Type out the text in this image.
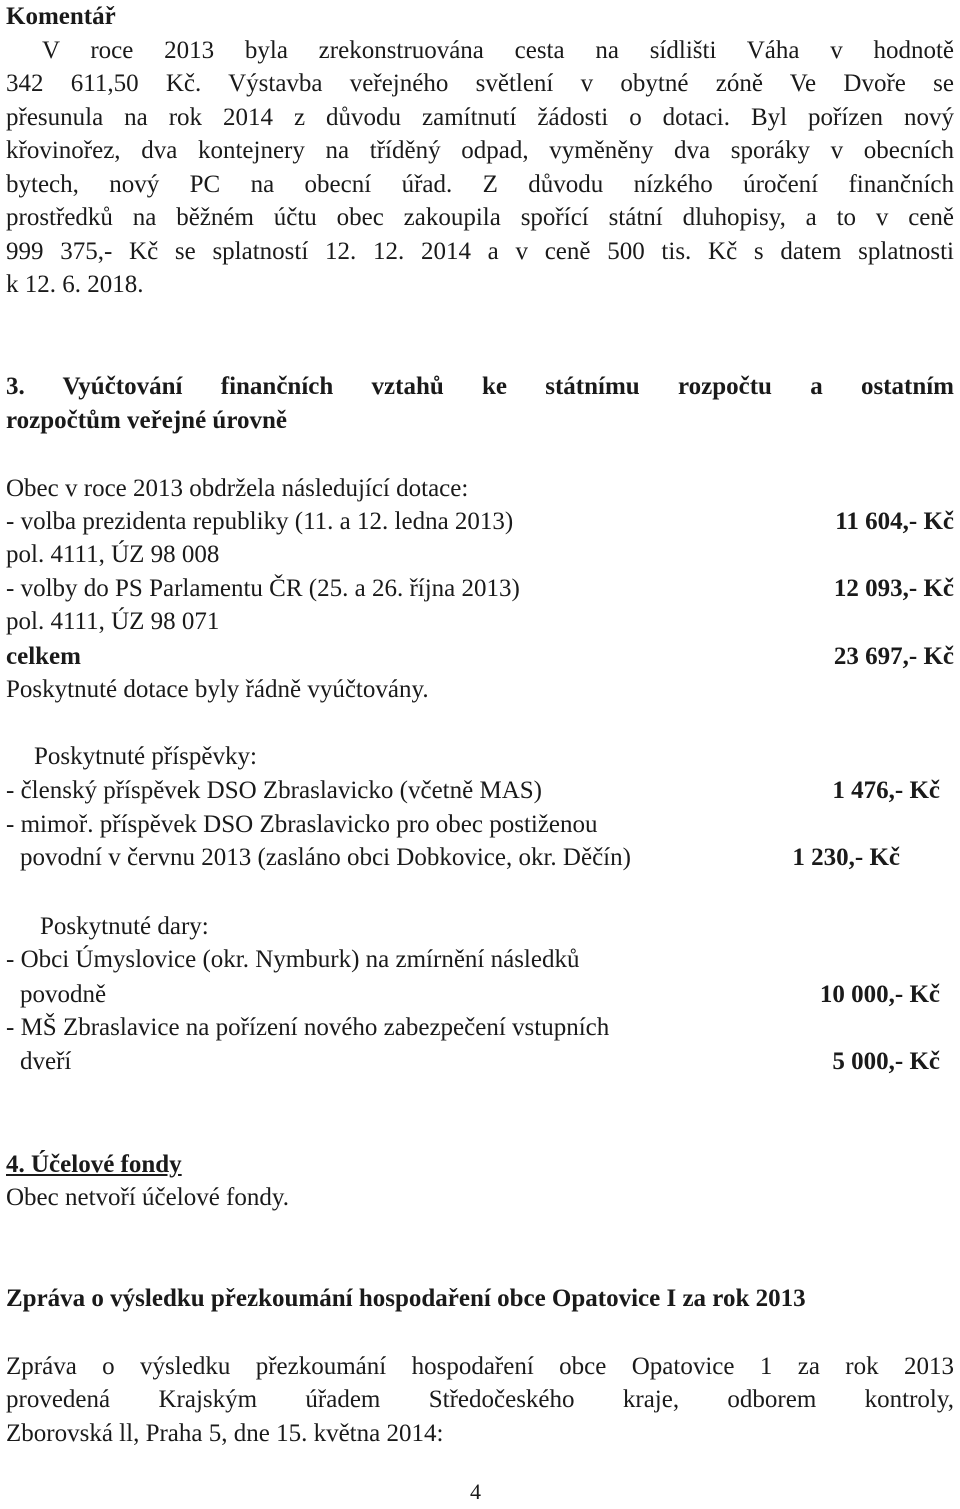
Komentář
V roce 2013 byla zrekonstruována cesta na sídlišti Váha v hodnotě
342 611,50 Kč. Výstavba veřejného světlení v obytné zóně Ve Dvoře se
přesunula na rok 2014 z důvodu zamítnutí žádosti o dotaci. Byl pořízen nový
křovinořez, dva kontejnery na tříděný odpad, vyměněny dva sporáky v obecních
bytech, nový PC na obecní úřad. Z důvodu nízkého úročení finančních
prostředků na běžném účtu obec zakoupila spořící státní dluhopisy, a to v ceně
999 375,- Kč se splatností 12. 12. 2014 a v ceně 500 tis. Kč s datem splatnosti
k 12. 6. 2018.
3. Vyúčtování finančních vztahů ke státnímu rozpočtu a ostatním
rozpočtům veřejné úrovně
Obec v roce 2013 obdržela následující dotace:
- volba prezidenta republiky (11. a 12. ledna 2013)	11 604,- Kč
pol. 4111, ÚZ 98 008
- volby do PS Parlamentu ČR (25. a 26. října 2013)	12 093,- Kč
pol. 4111, ÚZ 98 071
celkem	23 697,- Kč
Poskytnuté dotace byly řádně vyúčtovány.
Poskytnuté příspěvky:
- členský příspěvek DSO Zbraslavicko (včetně MAS)	1 476,- Kč
- mimoř. příspěvek DSO Zbraslavicko pro obec postiženou
povodní v červnu 2013 (zasláno obci Dobkovice, okr. Děčín)	1 230,- Kč
Poskytnuté dary:
- Obci Úmyslovice (okr. Nymburk) na zmírnění následků
povodně	10 000,- Kč
- MŠ Zbraslavice na pořízení nového zabezpečení vstupních
dveří	5 000,- Kč
4. Účelové fondy
Obec netvoří účelové fondy.
Zpráva o výsledku přezkoumání hospodaření obce Opatovice I za rok 2013
Zpráva o výsledku přezkoumání hospodaření obce Opatovice 1 za rok 2013
provedená Krajským úřadem Středočeského kraje, odborem kontroly,
Zborovská ll, Praha 5, dne 15. května 2014:
4
